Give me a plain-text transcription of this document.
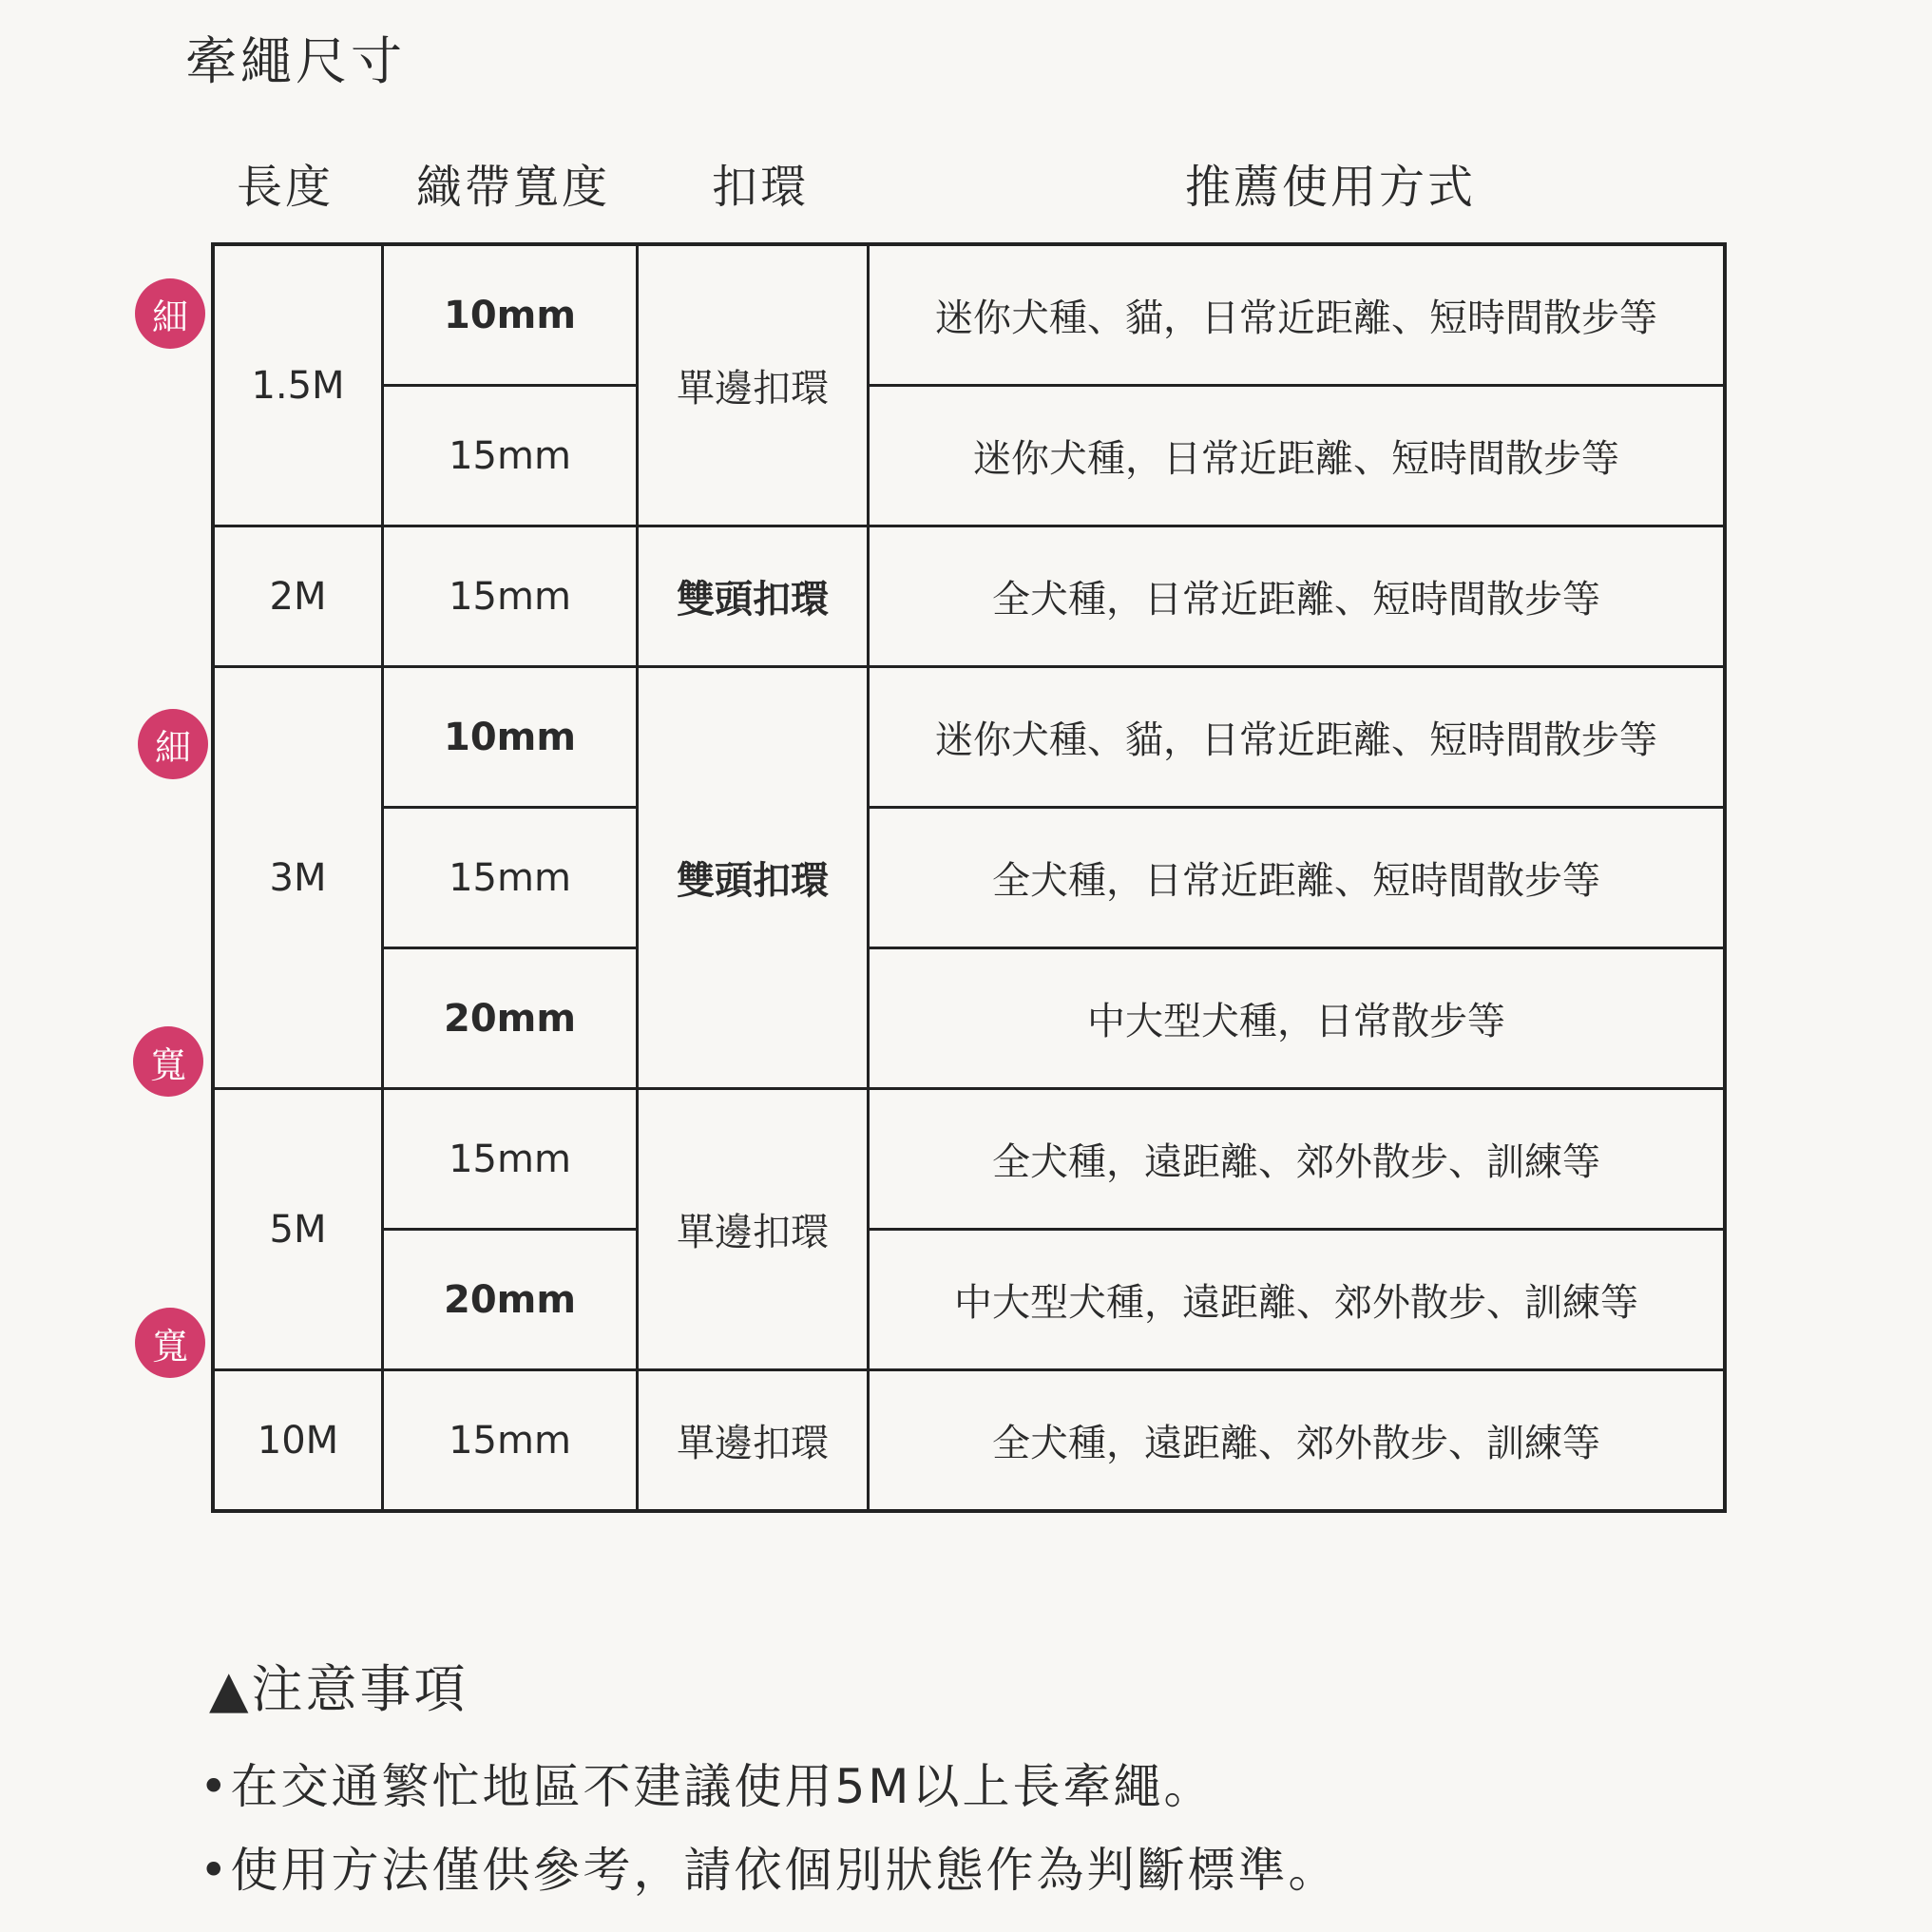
牽繩尺寸
長度	織帶寬度	扣環	推薦使用方式
1.5M	10mm	單邊扣環	迷你犬種、貓，日常近距離、短時間散步等
	15mm		迷你犬種，日常近距離、短時間散步等
2M	15mm	雙頭扣環	全犬種，日常近距離、短時間散步等
3M	10mm	雙頭扣環	迷你犬種、貓，日常近距離、短時間散步等
	15mm		全犬種，日常近距離、短時間散步等
	20mm		中大型犬種，日常散步等
5M	15mm	單邊扣環	全犬種，遠距離、郊外散步、訓練等
	20mm		中大型犬種，遠距離、郊外散步、訓練等
10M	15mm	單邊扣環	全犬種，遠距離、郊外散步、訓練等
細
細
寬
寬
▲注意事項
•在交通繁忙地區不建議使用5M以上長牽繩。
•使用方法僅供參考，請依個別狀態作為判斷標準。
